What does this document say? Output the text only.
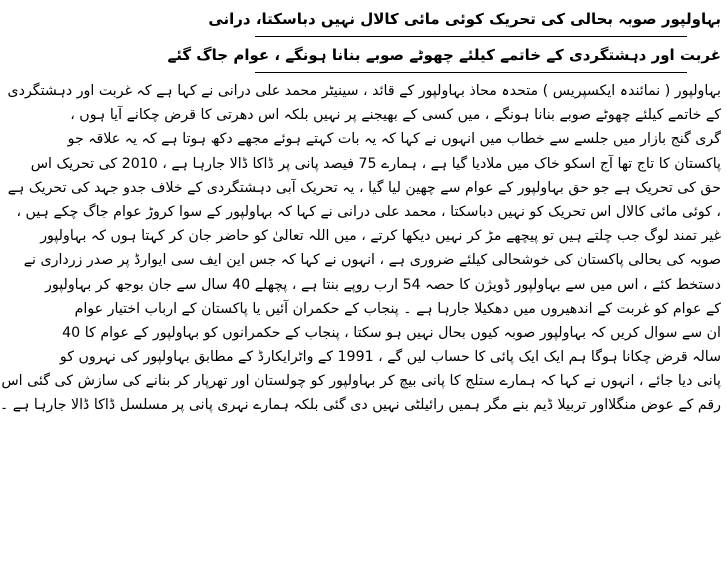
بہاولپور صوبہ بحالی کی تحریک کوئی مائی کالال نہیں دباسکتا، درانی
غربت اور دہشتگردی کے خاتمے کیلئے چھوٹے صوبے بنانا ہونگے ، عوام جاگ گئے
بہاولپور ( نمائندہ ایکسپریس ) متحدہ محاذ بہاولپور کے قائد ، سینیٹر محمد علی درانی نے کہا ہے کہ غربت اور دہشتگردی
کے خاتمے کیلئے چھوٹے صوبے بنانا ہونگے ، میں کسی کے بھیجنے پر نہیں بلکہ اس دھرتی کا قرض چکانے آیا ہوں ،
گری گنج بازار میں جلسے سے خطاب میں انہوں نے کہا کہ یہ بات کہتے ہوئے مجھے دکھ ہوتا ہے کہ یہ علاقہ جو
پاکستان کا تاج تھا آج اسکو خاک میں ملادیا گیا ہے ، ہمارے 75 فیصد پانی پر ڈاکا ڈالا جارہا ہے ، 2010 کی تحریک اس
حق کی تحریک ہے جو حق بہاولپور کے عوام سے چھین لیا گیا ، یہ تحریک آبی دہشتگردی کے خلاف جدو جہد کی تحریک ہے
، کوئی مائی کالال اس تحریک کو نہیں دباسکتا ، محمد علی درانی نے کہا کہ بہاولپور کے سوا کروڑ عوام جاگ چکے ہیں ،
غیر تمند لوگ جب چلتے ہیں تو پیچھے مڑ کر نہیں دیکھا کرتے ، میں اللہ تعالیٰ کو حاضر جان کر کہتا ہوں کہ بہاولپور
صوبہ کی بحالی پاکستان کی خوشحالی کیلئے ضروری ہے ، انہوں نے کہا کہ جس این ایف سی ایوارڈ پر صدر زرداری نے
دستخط کئے ، اس میں سے بہاولپور ڈویژن کا حصہ 54 ارب روپے بنتا ہے ، پچھلے 40 سال سے جان بوجھ کر بہاولپور
کے عوام کو غربت کے اندھیروں میں دھکیلا جارہا ہے ۔ پنجاب کے حکمران آئیں یا پاکستان کے ارباب اختیار عوام
ان سے سوال کریں کہ بہاولپور صوبہ کیوں بحال نہیں ہو سکتا ، پنجاب کے حکمرانوں کو بہاولپور کے عوام کا 40
سالہ قرض چکانا ہوگا ہم ایک ایک پائی کا حساب لیں گے ، 1991 کے واٹرایکارڈ کے مطابق بہاولپور کی نہروں کو
پانی دیا جائے ، انہوں نے کہا کہ ہمارے ستلج کا پانی بیچ کر بہاولپور کو چولستان اور تھرپار کر بنانے کی سازش کی گئی اس
رقم کے عوض منگلااور تربیلا ڈیم بنے مگر ہمیں رائیلٹی نہیں دی گئی بلکہ ہمارے نہری پانی پر مسلسل ڈاکا ڈالا جارہا ہے ۔
